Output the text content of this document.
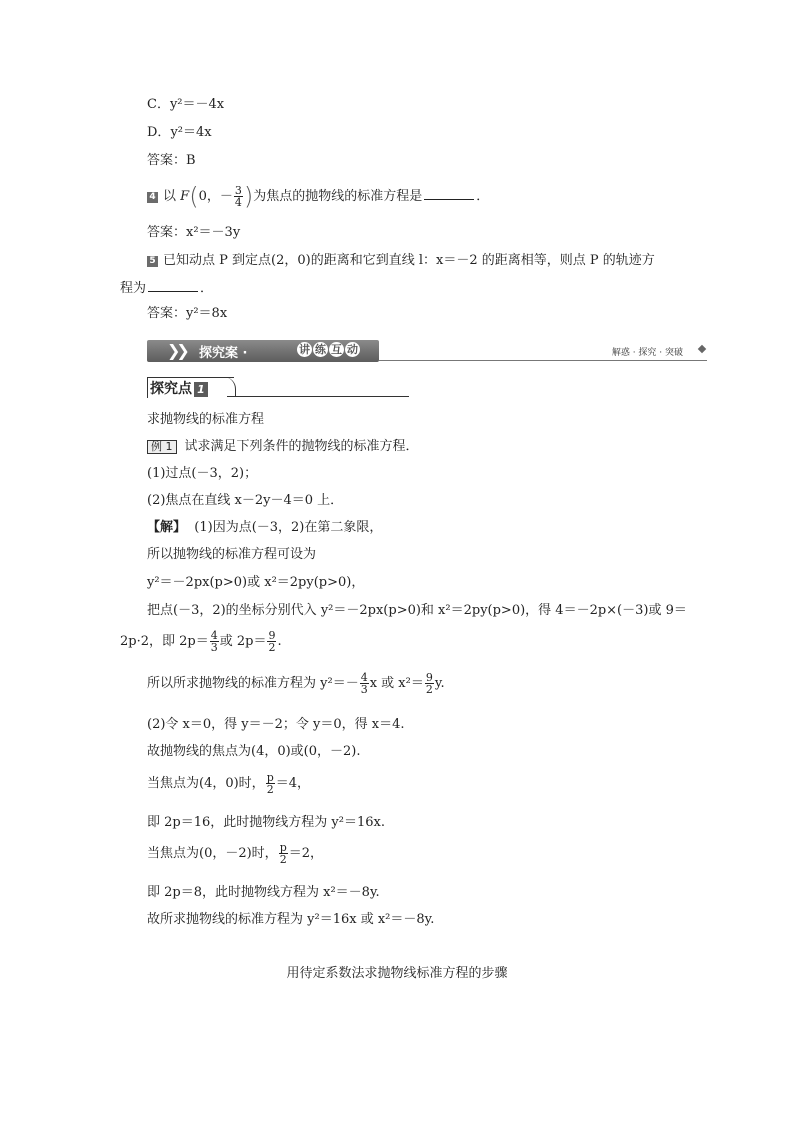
C．y²＝－4x
D．y²＝4x
答案：B
4 以 F(0，－ $\frac{3}{4}$ )为焦点的抛物线的标准方程是	．
答案：x²＝－3y
5 已知动点 P 到定点(2，0)的距离和它到直线 l：x＝－2 的距离相等，则点 P 的轨迹方
程为	．
答案：y²＝8x
❯❯ 探究案 ·	讲 练 互 动	解惑 · 探究 · 突破
探究点 1
求抛物线的标准方程
例 1 试求满足下列条件的抛物线的标准方程．
(1)过点(－3，2)；
(2)焦点在直线 x－2y－4＝0 上．
【解】 (1)因为点(－3，2)在第二象限，
所以抛物线的标准方程可设为
y²＝－2px(p>0)或 x²＝2py(p>0)，
把点(－3，2)的坐标分别代入 y²＝－2px(p>0)和 x²＝2py(p>0)，得 4＝－2p×(－3)或 9＝
2p·2，即 $2p= \frac{4}{3}$ 或 $2p= \frac{9}{2}$ .
所以所求抛物线的标准方程为 $y^2=- \frac{4}{3}$ x 或 $x^2= \frac{9}{2} y$.
(2)令 x＝0，得 y＝－2；令 y＝0，得 x＝4.
故抛物线的焦点为(4，0)或(0，－2).
当焦点为(4，0)时， $\frac{p}{2} =4$，
即 2p＝16，此时抛物线方程为 y²＝16x.
当焦点为(0，－2)时， $\frac{p}{2} =2$，
即 2p＝8，此时抛物线方程为 x²＝－8y.
故所求抛物线的标准方程为 y²＝16x 或 x²＝－8y.
用待定系数法求抛物线标准方程的步骤
